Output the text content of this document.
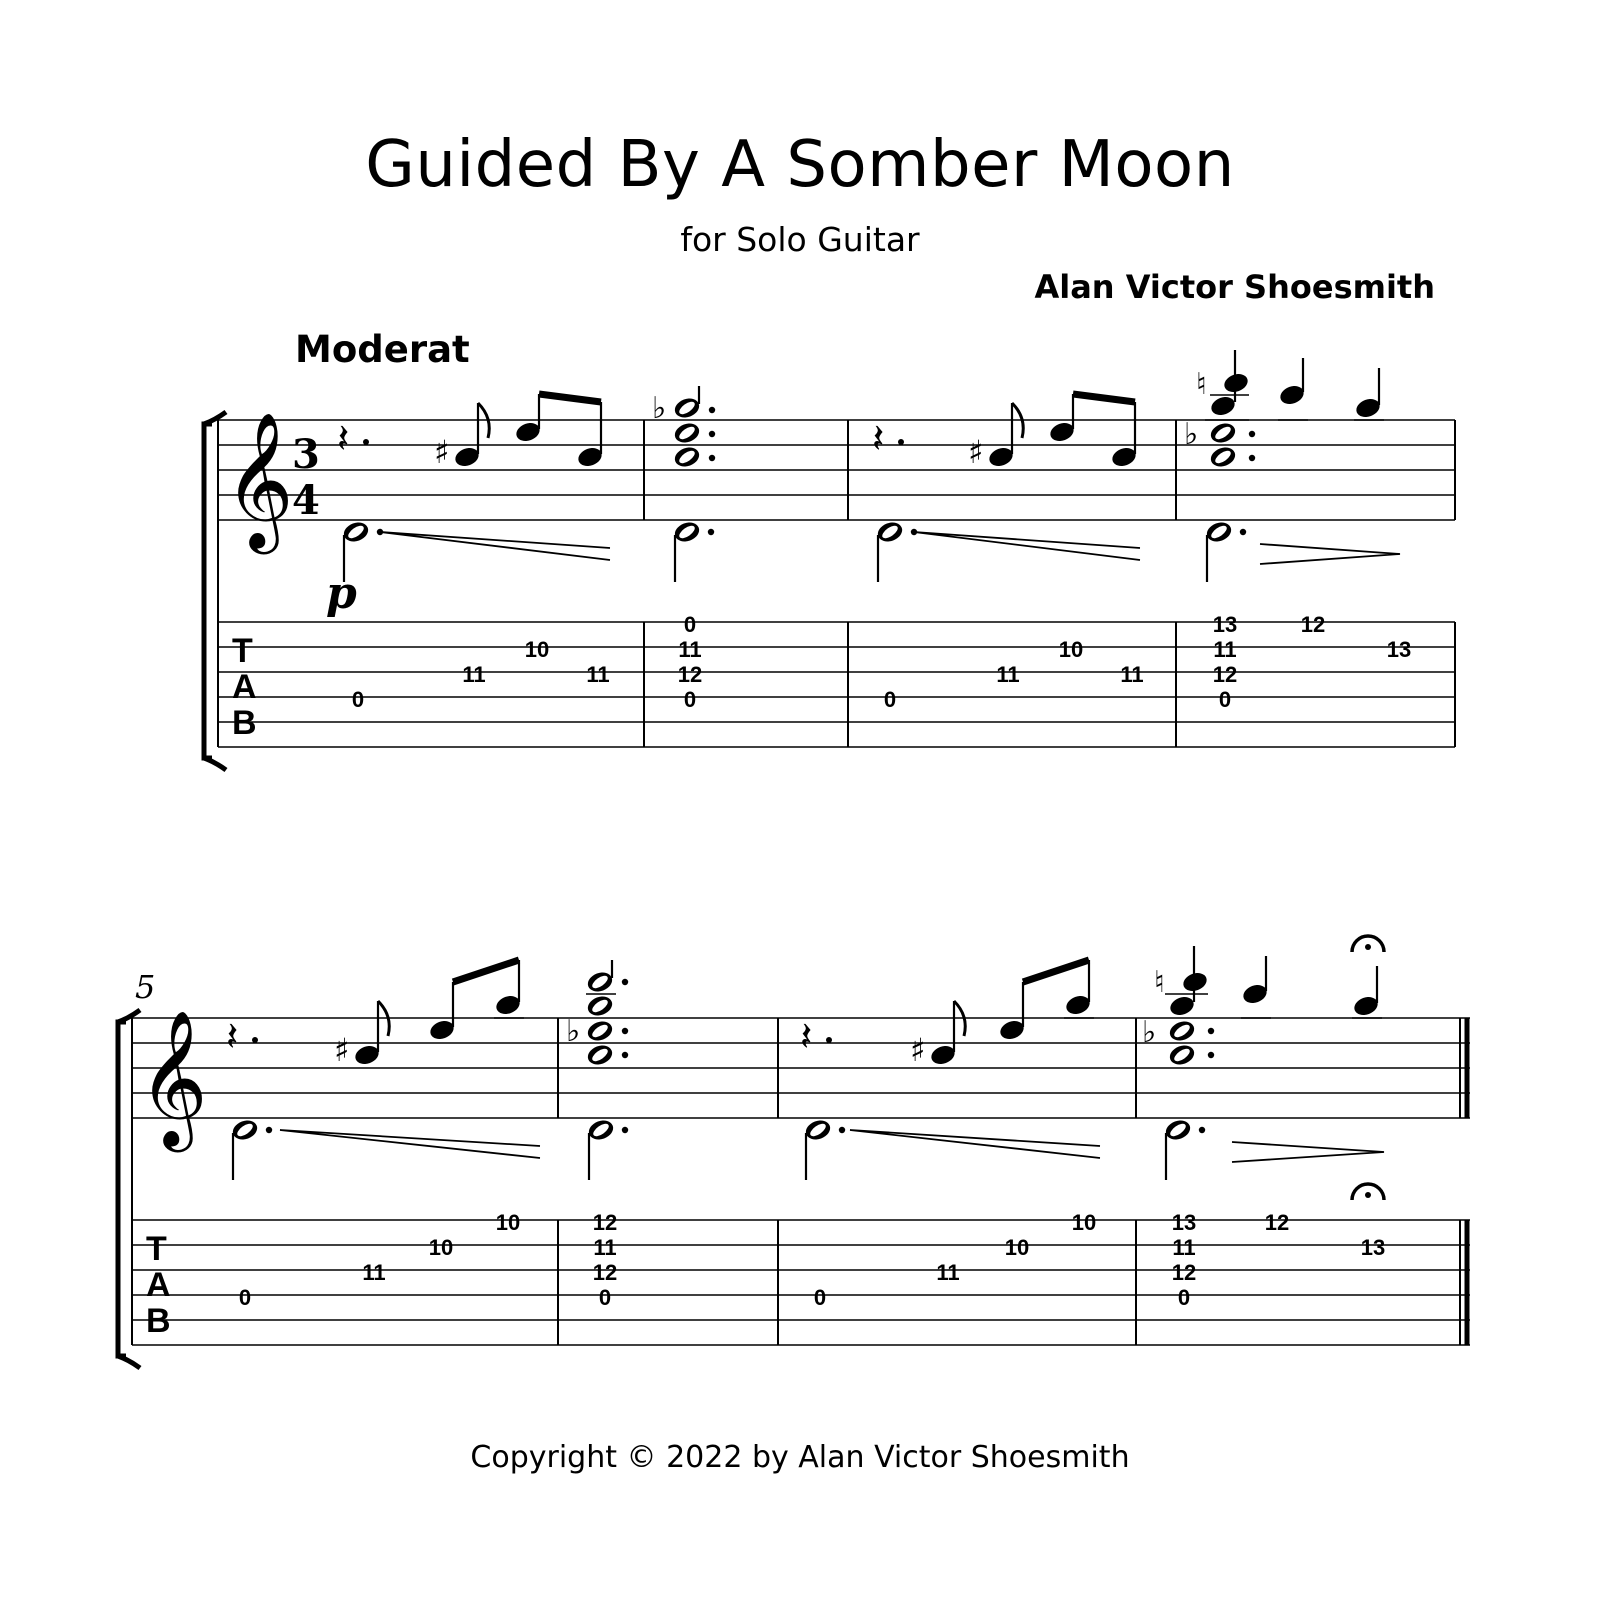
Guided By A Somber Moon
for Solo Guitar
Alan Victor Shoesmith
Moderat
Copyright © 2022 by Alan Victor Shoesmith
𝄞
3
4
T
A
B
𝄽	♯
p
♭
𝄽	♯	♭
♮
0
11
10
11
0
11
12
0	0
11
10
11
13
11
12
0
12
13
5
𝄞
T
A
B
𝄽	♯	♭	𝄽	♯	♭
♮
0
11
10
10	12
11
12
0	0
11
10
10	13
11
12
0
12
13
